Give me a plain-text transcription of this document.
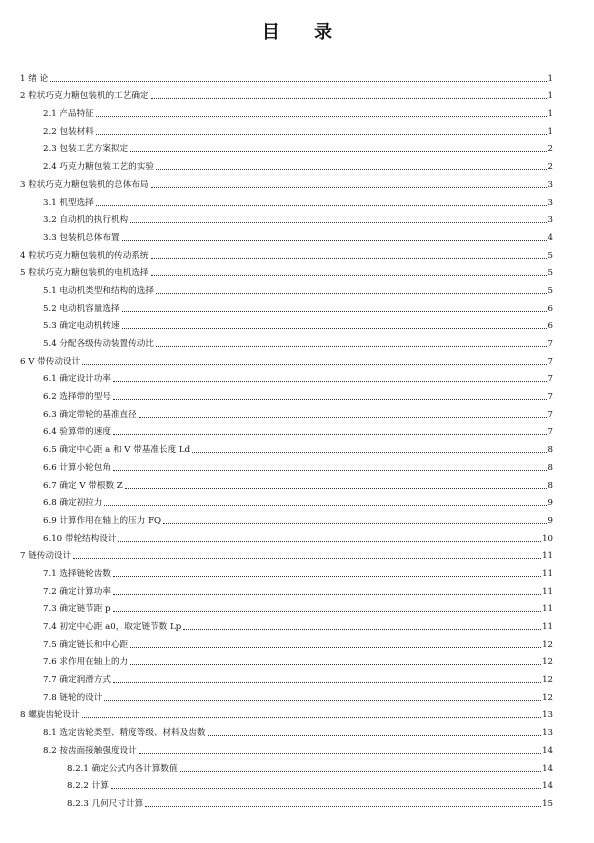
目 录
1 绪 论	1
2 粒状巧克力糖包装机的工艺确定	1
2.1 产品特征	1
2.2 包装材料	1
2.3 包装工艺方案拟定	2
2.4 巧克力糖包装工艺的实验	2
3 粒状巧克力糖包装机的总体布局	3
3.1 机型选择	3
3.2 自动机的执行机构	3
3.3 包装机总体布置	4
4 粒状巧克力糖包装机的传动系统	5
5 粒状巧克力糖包装机的电机选择	5
5.1 电动机类型和结构的选择	5
5.2 电动机容量选择	6
5.3 确定电动机转速	6
5.4 分配各级传动装置传动比	7
6 V 带传动设计	7
6.1 确定设计功率	7
6.2 选择带的型号	7
6.3 确定带轮的基准直径	7
6.4 验算带的速度	7
6.5 确定中心距 a 和 V 带基准长度 Ld	8
6.6 计算小轮包角	8
6.7 确定 V 带根数 Z	8
6.8 确定初拉力	9
6.9 计算作用在轴上的压力 FQ	9
6.10 带轮结构设计	10
7 链传动设计	11
7.1 选择链轮齿数	11
7.2 确定计算功率	11
7.3 确定链节距 p	11
7.4 初定中心距 a0，取定链节数 Lp	11
7.5 确定链长和中心距	12
7.6 求作用在轴上的力	12
7.7 确定润滑方式	12
7.8 链轮的设计	12
8 螺旋齿轮设计	13
8.1 选定齿轮类型、精度等级、材料及齿数	13
8.2 按齿面接触强度设计	14
8.2.1 确定公式内各计算数值	14
8.2.2 计算	14
8.2.3 几何尺寸计算	15
